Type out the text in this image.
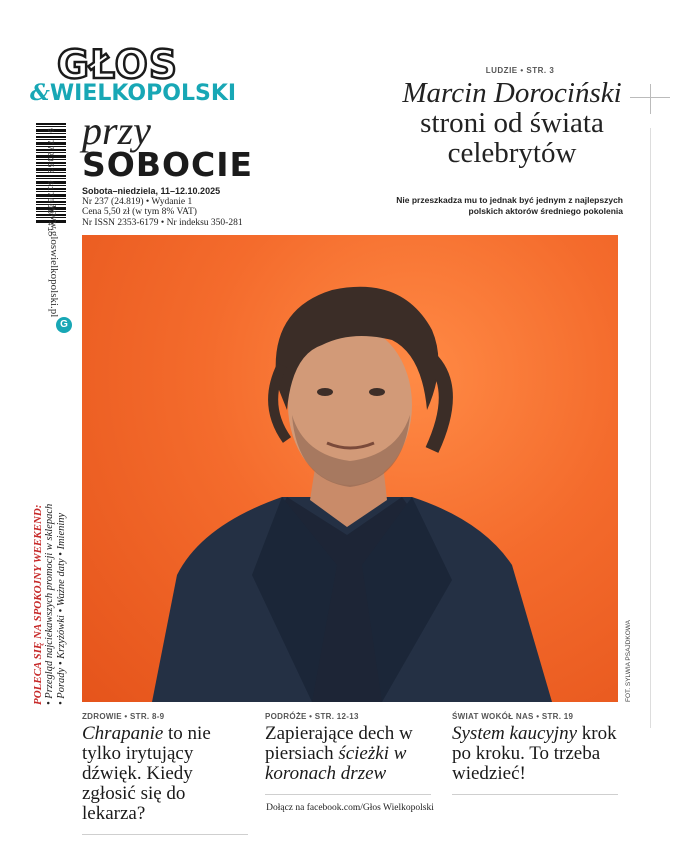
GŁOS
&WIELKOPOLSKI
9 772353 617008 41
www.gloswielkopolski.pl
G
POLECA SIĘ NA SPOKOJNY WEEKEND: • Przegląd najciekawszych promocji w sklepach • Porady • Krzyżówki • Ważne daty • Imieniny
przy
SOBOCIE
Sobota–niedziela, 11–12.10.2025
Nr 237 (24.819) • Wydanie 1
Cena 5,50 zł (w tym 8% VAT)
Nr ISSN 2353-6179 • Nr indeksu 350-281
LUDZIE • STR. 3
Marcin Dorociński
stroni od świata celebrytów
Nie przeszkadza mu to jednak być jednym z najlepszych polskich aktorów średniego pokolenia
FOT. SYLWIA PSAJDKOWA
ZDROWIE • STR. 8-9
Chrapanie to nie tylko irytujący dźwięk. Kiedy zgłosić się do lekarza?
PODRÓŻE • STR. 12-13
Zapierające dech w piersiach ścieżki w koronach drzew
ŚWIAT WOKÓŁ NAS • STR. 19
System kaucyjny krok po kroku. To trzeba wiedzieć!
Dołącz na facebook.com/Głos Wielkopolski
